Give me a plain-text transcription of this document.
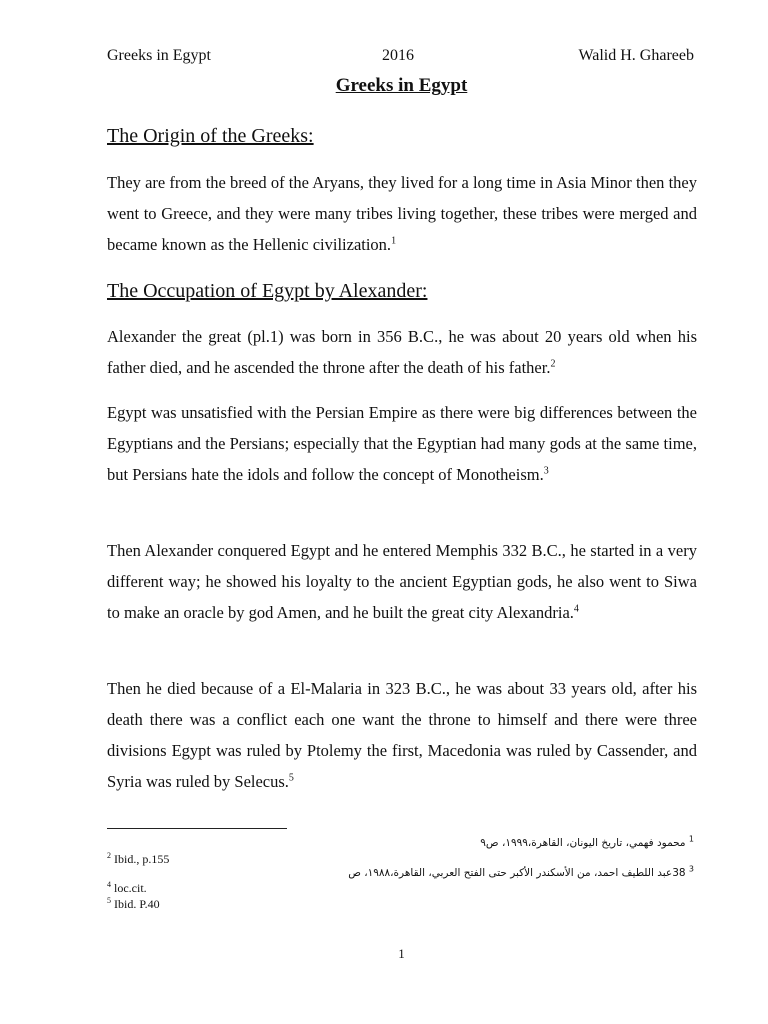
Greeks in Egypt	2016	Walid H. Ghareeb
Greeks in Egypt
The Origin of the Greeks:
They are from the breed of the Aryans, they lived for a long time in Asia Minor then they went to Greece, and they were many tribes living together, these tribes were merged and became known as the Hellenic civilization.$^1$
The Occupation of Egypt by Alexander:
Alexander the great (pl.1) was born in 356 B.C., he was about 20 years old when his father died, and he ascended the throne after the death of his father.$^2$
Egypt was unsatisfied with the Persian Empire as there were big differences between the Egyptians and the Persians; especially that the Egyptian had many gods at the same time, but Persians hate the idols and follow the concept of Monotheism.$^3$
Then Alexander conquered Egypt and he entered Memphis 332 B.C., he started in a very different way; he showed his loyalty to the ancient Egyptian gods, he also went to Siwa to make an oracle by god Amen, and he built the great city Alexandria.$^4$
Then he died because of a El-Malaria in 323 B.C., he was about 33 years old, after his death there was a conflict each one want the throne to himself and there were three divisions Egypt was ruled by Ptolemy the first, Macedonia was ruled by Cassender, and Syria was ruled by Selecus.$^5$
$^2$ Ibid., p.155
$^4$ loc.cit.
$^5$ Ibid. P.40
$^1$ محمود فهمي، تاريخ اليونان، القاهرة،١٩٩٩، ص٩
$^3$ 38عبد اللطيف احمد، من الأسكندر الأكبر حتى الفتح العربي، القاهرة،١٩٨٨، ص
1
